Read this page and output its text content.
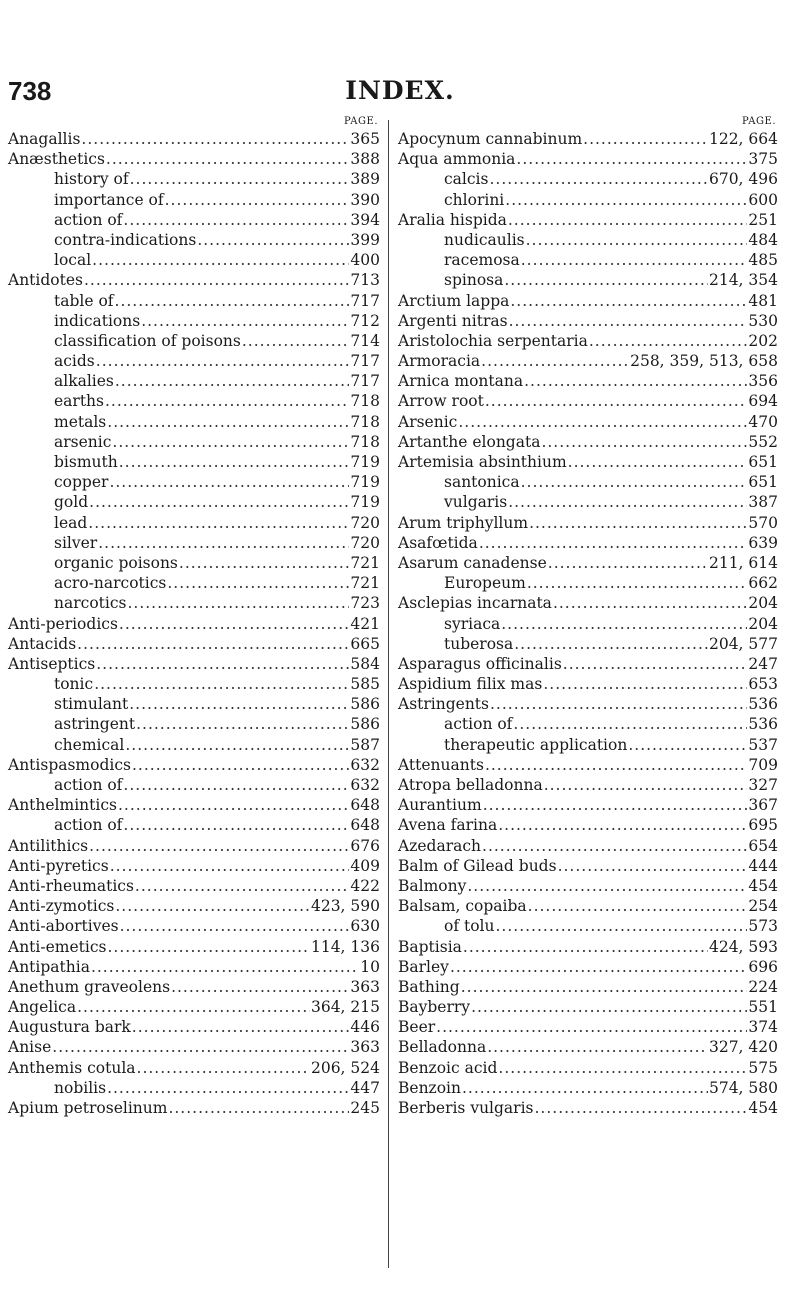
738	INDEX.
PAGE.
Anagallis .....	365
Anæsthetics .....	388
history of .....	389
importance of .....	390
action of .....	394
contra-indications .....	399
local .....	400
Antidotes .....	713
table of .....	717
indications .....	712
classification of poisons .....	714
acids .....	717
alkalies .....	717
earths .....	718
metals .....	718
arsenic .....	718
bismuth .....	719
copper .....	719
gold .....	719
lead .....	720
silver .....	720
organic poisons .....	721
acro-narcotics .....	721
narcotics .....	723
Anti-periodics .....	421
Antacids .....	665
Antiseptics .....	584
tonic .....	585
stimulant .....	586
astringent .....	586
chemical .....	587
Antispasmodics .....	632
action of .....	632
Anthelmintics .....	648
action of .....	648
Antilithics .....	676
Anti-pyretics .....	409
Anti-rheumatics .....	422
Anti-zymotics .....	423, 590
Anti-abortives .....	630
Anti-emetics .....	114, 136
Antipathia .....	10
Anethum graveolens .....	363
Angelica .....	364, 215
Augustura bark .....	446
Anise .....	363
Anthemis cotula .....	206, 524
nobilis .....	447
Apium petroselinum .....	245
PAGE.
Apocynum cannabinum .....	122, 664
Aqua ammonia .....	375
calcis .....	670, 496
chlorini .....	600
Aralia hispida .....	251
nudicaulis .....	484
racemosa .....	485
spinosa .....	214, 354
Arctium lappa .....	481
Argenti nitras .....	530
Aristolochia serpentaria .....	202
Armoracia .....	258, 359, 513, 658
Arnica montana .....	356
Arrow root .....	694
Arsenic .....	470
Artanthe elongata .....	552
Artemisia absinthium .....	651
santonica .....	651
vulgaris .....	387
Arum triphyllum .....	570
Asafœtida .....	639
Asarum canadense .....	211, 614
Europeum .....	662
Asclepias incarnata .....	204
syriaca .....	204
tuberosa .....	204, 577
Asparagus officinalis .....	247
Aspidium filix mas .....	653
Astringents .....	536
action of .....	536
therapeutic application .....	537
Attenuants .....	709
Atropa belladonna .....	327
Aurantium .....	367
Avena farina .....	695
Azedarach .....	654
Balm of Gilead buds .....	444
Balmony .....	454
Balsam, copaiba .....	254
of tolu .....	573
Baptisia .....	424, 593
Barley .....	696
Bathing .....	224
Bayberry .....	551
Beer .....	374
Belladonna .....	327, 420
Benzoic acid .....	575
Benzoin .....	574, 580
Berberis vulgaris .....	454
